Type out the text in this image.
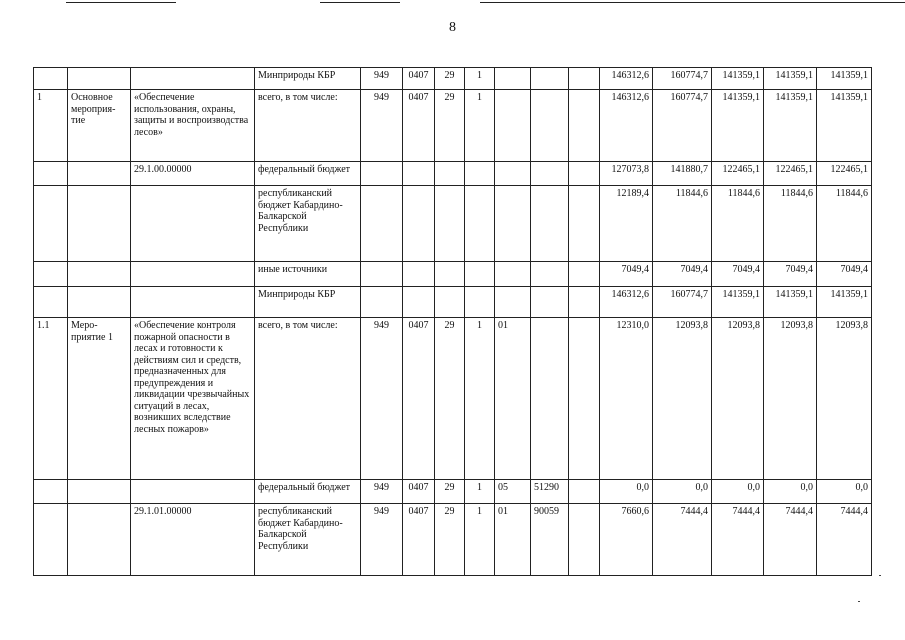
8
			Минприроды КБР	949	0407	29	1				146312,6	160774,7	141359,1	141359,1	141359,1
1	Основное мероприя-тие	«Обеспечение использования, охраны, защиты и воспроизводства лесов»	всего, в том числе:	949	0407	29	1				146312,6	160774,7	141359,1	141359,1	141359,1
		29.1.00.00000	федеральный бюджет								127073,8	141880,7	122465,1	122465,1	122465,1
			республиканский бюджет Кабардино-Балкарской Республики								12189,4	11844,6	11844,6	11844,6	11844,6
			иные источники								7049,4	7049,4	7049,4	7049,4	7049,4
			Минприроды КБР								146312,6	160774,7	141359,1	141359,1	141359,1
1.1	Меро-приятие 1	«Обеспечение контроля пожарной опасности в лесах и готовности к действиям сил и средств, предназначенных для предупреждения и ликвидации чрезвычайных ситуаций в лесах, возникших вследствие лесных пожаров»	всего, в том числе:	949	0407	29	1	01			12310,0	12093,8	12093,8	12093,8	12093,8
			федеральный бюджет	949	0407	29	1	05	51290		0,0	0,0	0,0	0,0	0,0
		29.1.01.00000	республиканский бюджет Кабардино-Балкарской Республики	949	0407	29	1	01	90059		7660,6	7444,4	7444,4	7444,4	7444,4
